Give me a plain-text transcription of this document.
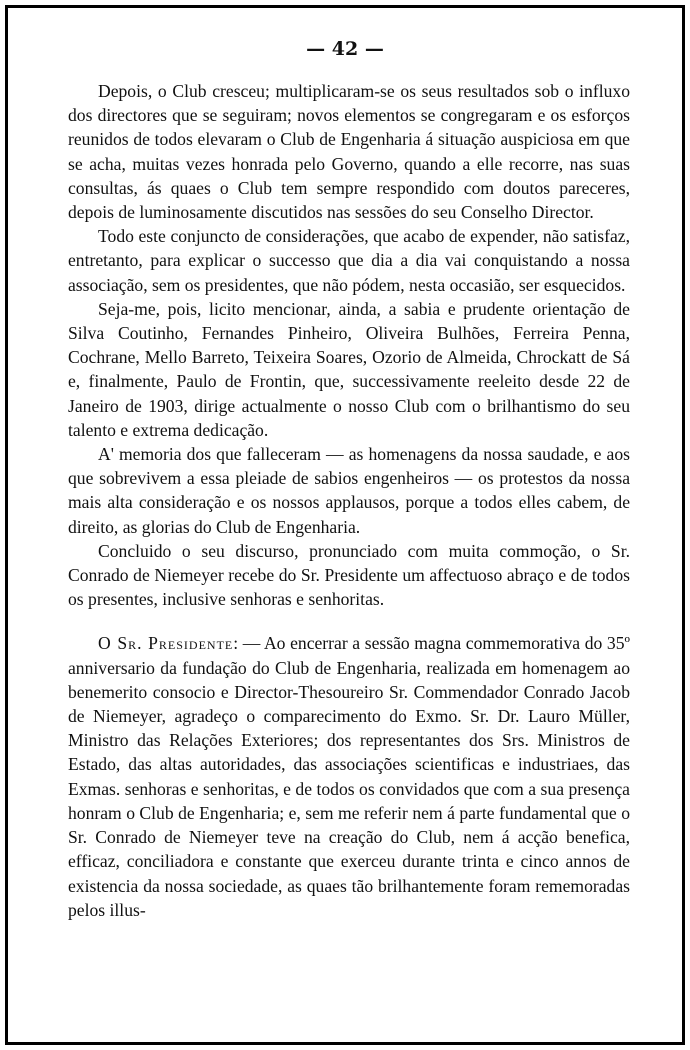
— 42 —

Depois, o Club cresceu; multiplicaram-se os seus resultados sob o influxo dos directores que se seguiram; novos elementos se congregaram e os esforços reunidos de todos elevaram o Club de Engenharia á situação auspiciosa em que se acha, muitas vezes honrada pelo Governo, quando a elle recorre, nas suas consultas, ás quaes o Club tem sempre respondido com doutos pareceres, depois de luminosamente discutidos nas sessões do seu Conselho Director.

Todo este conjuncto de considerações, que acabo de expender, não satisfaz, entretanto, para explicar o successo que dia a dia vai conquistando a nossa associação, sem os presidentes, que não pódem, nesta occasião, ser esquecidos.

Seja-me, pois, licito mencionar, ainda, a sabia e prudente orientação de Silva Coutinho, Fernandes Pinheiro, Oliveira Bulhões, Ferreira Penna, Cochrane, Mello Barreto, Teixeira Soares, Ozorio de Almeida, Chrockatt de Sá e, finalmente, Paulo de Frontin, que, successivamente reeleito desde 22 de Janeiro de 1903, dirige actualmente o nosso Club com o brilhantismo do seu talento e extrema dedicação.

A' memoria dos que falleceram — as homenagens da nossa saudade, e aos que sobrevivem a essa pleiade de sabios engenheiros — os protestos da nossa mais alta consideração e os nossos applausos, porque a todos elles cabem, de direito, as glorias do Club de Engenharia.

Concluido o seu discurso, pronunciado com muita commoção, o Sr. Conrado de Niemeyer recebe do Sr. Presidente um affectuoso abraço e de todos os presentes, inclusive senhoras e senhoritas.

O Sr. Presidente: — Ao encerrar a sessão magna commemorativa do 35º anniversario da fundação do Club de Engenharia, realizada em homenagem ao benemerito consocio e Director-Thesoureiro Sr. Commendador Conrado Jacob de Niemeyer, agradeço o comparecimento do Exmo. Sr. Dr. Lauro Müller, Ministro das Relações Exteriores; dos representantes dos Srs. Ministros de Estado, das altas autoridades, das associações scientificas e industriaes, das Exmas. senhoras e senhoritas, e de todos os convidados que com a sua presença honram o Club de Engenharia; e, sem me referir nem á parte fundamental que o Sr. Conrado de Niemeyer teve na creação do Club, nem á acção benefica, efficaz, conciliadora e constante que exerceu durante trinta e cinco annos de existencia da nossa sociedade, as quaes tão brilhantemente foram rememoradas pelos illus-
